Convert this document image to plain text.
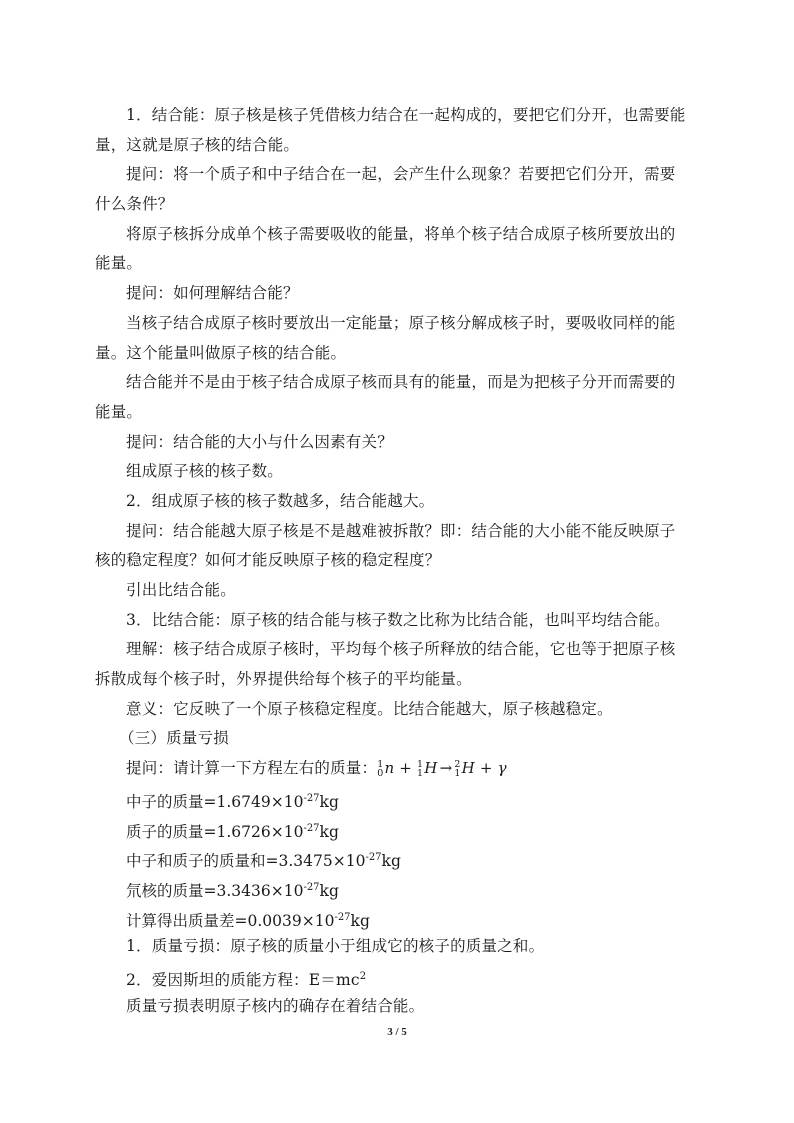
1．结合能：原子核是核子凭借核力结合在一起构成的，要把它们分开，也需要能
量，这就是原子核的结合能。
提问：将一个质子和中子结合在一起，会产生什么现象？若要把它们分开，需要
什么条件？
将原子核拆分成单个核子需要吸收的能量，将单个核子结合成原子核所要放出的
能量。
提问：如何理解结合能？
当核子结合成原子核时要放出一定能量；原子核分解成核子时，要吸收同样的能
量。这个能量叫做原子核的结合能。
结合能并不是由于核子结合成原子核而具有的能量，而是为把核子分开而需要的
能量。
提问：结合能的大小与什么因素有关？
组成原子核的核子数。
2．组成原子核的核子数越多，结合能越大。
提问：结合能越大原子核是不是越难被拆散？即：结合能的大小能不能反映原子
核的稳定程度？如何才能反映原子核的稳定程度？
引出比结合能。
3．比结合能：原子核的结合能与核子数之比称为比结合能，也叫平均结合能。
理解：核子结合成原子核时，平均每个核子所释放的结合能，它也等于把原子核
拆散成每个核子时，外界提供给每个核子的平均能量。
意义：它反映了一个原子核稳定程度。比结合能越大，原子核越稳定。
（三）质量亏损
提问：请计算一下方程左右的质量： 1
0 n + 1
1 H → 2
1 H + γ
中子的质量$=1.6749\times 10^{-27}kg$
质子的质量$=1.6726\times 10^{-27}kg$
中子和质子的质量和$=3.3475\times 10^{-27}kg$
氘核的质量$=3.3436\times 10^{-27}kg$
计算得出质量差$=0.0039\times 10^{-27}kg$
1．质量亏损：原子核的质量小于组成它的核子的质量之和。
2．爱因斯坦的质能方程：$E=mc^2$
质量亏损表明原子核内的确存在着结合能。
3 / 5
